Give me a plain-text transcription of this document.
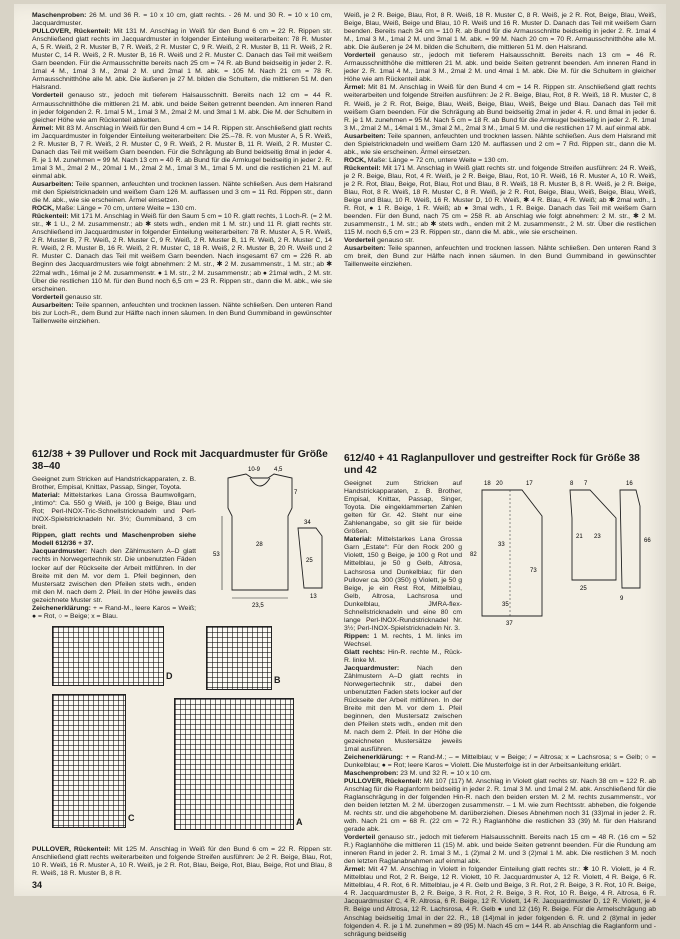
Maschenproben: 26 M. und 36 R. = 10 x 10 cm, glatt rechts. - 26 M. und 30 R. = 10 x 10 cm, Jacquardmuster.

PULLOVER, Rückenteil: Mit 131 M. Anschlag in Weiß für den Bund 6 cm = 22 R. Rippen str. Anschließend glatt rechts im Jacquardmuster in folgender Einteilung weiterarbeiten: 78 R. Muster A, 5 R. Weiß, 2 R. Muster B, 7 R. Weiß, 2 R. Muster C, 9 R. Weiß, 2 R. Muster B, 11 R. Weiß, 2 R. Muster C, 14 R. Weiß, 2 R. Muster B, 16 R. Weiß und 2 R. Muster C. Danach das Teil mit weißem Garn beenden. Für die Armausschnitte bereits nach 25 cm = 74 R. ab Bund beidseitig in jeder 2. R. 1mal 4 M., 1mal 3 M., 2mal 2 M. und 2mal 1 M. abk. = 105 M. Nach 21 cm = 78 R. Armausschnitthöhe alle M. abk. Die äußeren je 27 M. bilden die Schultern, die mittleren 51 M. den Halsrand.

Vorderteil genauso str., jedoch mit tieferem Halsausschnitt. Bereits nach 12 cm = 44 R. Armausschnitthöhe die mittleren 21 M. abk. und beide Seiten getrennt beenden. Am inneren Rand in jeder folgenden 2. R. 1mal 5 M., 1mal 3 M., 2mal 2 M. und 3mal 1 M. abk. Die M. der Schultern in gleicher Höhe wie am Rückenteil abketten.

Ärmel: Mit 83 M. Anschlag in Weiß für den Bund 4 cm = 14 R. Rippen str. Anschließend glatt rechts im Jacquardmuster in folgender Einteilung weiterarbeiten: Die 25.–78. R. von Muster A, 5 R. Weiß, 2 R. Muster B, 7 R. Weiß, 2 R. Muster C, 9 R. Weiß, 2 R. Muster B, 11 R. Weiß, 2 R. Muster C. Danach das Teil mit weißem Garn beenden. Für die Schrägung ab Bund beidseitig 8mal in jeder 4. R. je 1 M. zunehmen = 99 M. Nach 13 cm = 40 R. ab Bund für die Armkugel beidseitig in jeder 2. R. 1mal 3 M., 2mal 2 M., 20mal 1 M., 2mal 2 M., 1mal 3 M., 1mal 5 M. und die restlichen 21 M. auf einmal abk.

Ausarbeiten: Teile spannen, anfeuchten und trocknen lassen. Nähte schließen. Aus dem Halsrand mit den Spielstricknadeln und weißem Garn 126 M. auffassen und 3 cm = 11 Rd. Rippen str., dann die M. abk., wie sie erscheinen. Ärmel einsetzen.

ROCK, Maße: Länge = 70 cm, untere Weite = 130 cm.

Rückenteil: Mit 171 M. Anschlag in Weiß für den Saum 5 cm = 10 R. glatt rechts, 1 Loch-R. (= 2 M. str., ✱ 1 U., 2 M. zusammenstr.; ab ✱ stets wdh., enden mit 1 M. str.) und 11 R. glatt rechts str. Anschließend im Jacquardmuster in folgender Einteilung weiterarbeiten: 78 R. Muster A, 5 R. Weiß, 2 R. Muster B, 7 R. Weiß, 2 R. Muster C, 9 R. Weiß, 2 R. Muster B, 11 R. Weiß, 2 R. Muster C, 14 R. Weiß, 2 R. Muster B, 16 R. Weiß, 2 R. Muster C, 18 R. Weiß, 2 R. Muster B, 20 R. Weiß und 2 R. Muster C. Danach das Teil mit weißem Garn beenden. Nach insgesamt 67 cm = 226 R. ab Beginn des Jacquardmusters wie folgt abnehmen: 2 M. str., ✱ 2 M. zusammenstr., 1 M. str.; ab ✱ 22mal wdh., 16mal je 2 M. zusammenstr. ● 1 M. str., 2 M. zusammenstr.; ab ● 21mal wdh., 2 M. str. Über die restlichen 110 M. für den Bund noch 6,5 cm = 23 R. Rippen str., dann die M. abk., wie sie erscheinen.

Vorderteil genauso str.

Ausarbeiten: Teile spannen, anfeuchten und trocknen lassen. Nähte schließen. Den unteren Rand bis zur Loch-R., dem Bund zur Hälfte nach innen säumen. In den Bund Gummiband in gewünschter Taillenweite einziehen.

612/38 + 39 Pullover und Rock mit Jacquardmuster für Größe 38–40

Geeignet zum Stricken auf Handstrickapparaten, z. B. Brother, Empisal, Knittax, Passap, Singer, Toyota.

Material: Mittelstarkes Lana Grossa Baumwollgarn, „Intimo“: Ca. 550 g Weiß, je 100 g Beige, Blau und Rot; Perl-INOX-Tric-Schnellstricknadeln und Perl-INOX-Spielstricknadeln Nr. 3½; Gummiband, 3 cm breit.

Rippen, glatt rechts und Maschenproben siehe Modell 612/36 + 37.

Jacquardmuster: Nach den Zählmustern A–D glatt rechts in Norwegertechnik str. Die unbenutzten Fäden locker auf der Rückseite der Arbeit mitführen. In der Breite mit den M. vor dem 1. Pfeil beginnen, den Mustersatz zwischen den Pfeilen stets wdh., enden mit den M. nach dem 2. Pfeil. In der Höhe jeweils das gezeichnete Muster str.

Zeichenerklärung: + = Rand-M., leere Karos = Weiß; ● = Rot, ○ = Beige; x = Blau.

10-9 4,5
53
28
23,5
25
34
13
7
D	B
C	A

PULLOVER, Rückenteil: Mit 125 M. Anschlag in Weiß für den Bund 6 cm = 22 R. Rippen str. Anschließend glatt rechts weiterarbeiten und folgende Streifen ausführen: Je 2 R. Beige, Blau, Rot, 10 R. Weiß, 16 R. Muster A, 10 R. Weiß, je 2 R. Rot, Blau, Beige, Rot, Blau, Beige, Rot und Blau, 8 R. Weiß, 18 R. Muster B, 8 R.

34

Weiß, je 2 R. Beige, Blau, Rot, 8 R. Weiß, 18 R. Muster C, 8 R. Weiß, je 2 R. Rot, Beige, Blau, Weiß, Beige, Blau, Weiß, Beige und Blau, 10 R. Weiß und 16 R. Muster D. Danach das Teil mit weißem Garn beenden. Bereits nach 34 cm = 110 R. ab Bund für die Armausschnitte beidseitig in jeder 2. R. 1mal 4 M., 1mal 3 M., 1mal 2 M. und 3mal 1 M. abk. = 99 M. Nach 20 cm = 70 R. Armausschnitthöhe alle M. abk. Die äußeren je 24 M. bilden die Schultern, die mittleren 51 M. den Halsrand.

Vorderteil genauso str., jedoch mit tieferem Halsausschnitt. Bereits nach 13 cm = 46 R. Armausschnitthöhe die mittleren 21 M. abk. und beide Seiten getrennt beenden. Am inneren Rand in jeder 2. R. 1mal 4 M., 1mal 3 M., 2mal 2 M. und 4mal 1 M. abk. Die M. für die Schultern in gleicher Höhe wie am Rückenteil abk.

Ärmel: Mit 81 M. Anschlag in Weiß für den Bund 4 cm = 14 R. Rippen str. Anschließend glatt rechts weiterarbeiten und folgende Streifen ausführen: Je 2 R. Beige, Blau, Rot, 8 R. Weiß, 18 R. Muster C, 8 R. Weiß, je 2 R. Rot, Beige, Blau, Weiß, Beige, Blau, Weiß, Beige und Blau. Danach das Teil mit weißem Garn beenden. Für die Schrägung ab Bund beidseitig 2mal in jeder 4. R. und 8mal in jeder 6. R. je 1 M. zunehmen = 95 M. Nach 5 cm = 18 R. ab Bund für die Armkugel beidseitig in jeder 2. R. 1mal 3 M., 2mal 2 M., 14mal 1 M., 3mal 2 M., 2mal 3 M., 1mal 5 M. und die restlichen 17 M. auf einmal abk.

Ausarbeiten: Teile spannen, anfeuchten und trocknen lassen. Nähte schließen. Aus dem Halsrand mit den Spielstricknadeln und weißem Garn 120 M. auffassen und 2 cm = 7 Rd. Rippen str., dann die M. abk., wie sie erscheinen. Ärmel einsetzen.

ROCK, Maße: Länge = 72 cm, untere Weite = 130 cm.

Rückenteil: Mit 171 M. Anschlag in Weiß glatt rechts str. und folgende Streifen ausführen: 24 R. Weiß, je 2 R. Beige, Blau, Rot, 4 R. Weiß, je 2 R. Beige, Blau, Rot, 10 R. Weiß, 16 R. Muster A, 10 R. Weiß, je 2 R. Rot, Blau, Beige, Rot, Blau, Rot und Blau, 8 R. Weiß, 18 R. Muster B, 8 R. Weiß, je 2 R. Beige, Blau, Rot, 8 R. Weiß, 18 R. Muster C, 8 R. Weiß, je 2 R. Rot, Beige, Blau, Weiß, Beige, Blau, Weiß, Beige und Blau, 10 R. Weiß, 16 R. Muster D, 10 R. Weiß, ✱ 4 R. Blau, 4 R. Weiß; ab ✱ 2mal wdh., 1 R. Rot, ● 1 R. Beige, 1 R. Weiß; ab ● 3mal wdh., 1 R. Beige. Danach das Teil mit weißem Garn beenden. Für den Bund, nach 75 cm = 258 R. ab Anschlag wie folgt abnehmen: 2 M. str., ✱ 2 M. zusammenstr., 1 M. str.; ab ✱ stets wdh., enden mit 2 M. zusammenstr., 2 M. str. Über die restlichen 115 M. noch 6,5 cm = 23 R. Rippen str., dann die M. abk., wie sie erscheinen.

Vorderteil genauso str.

Ausarbeiten: Teile spannen, anfeuchten und trocknen lassen. Nähte schließen. Den unteren Rand 3 cm breit, den Bund zur Hälfte nach innen säumen. In den Bund Gummiband in gewünschter Taillenweite einziehen.

612/40 + 41 Raglanpullover und gestreifter Rock für Größe 38 und 42

Geeignet zum Stricken auf Handstrickapparaten, z. B. Brother, Empisal, Knittax, Passap, Singer, Toyota. Die eingeklammerten Zahlen gelten für Gr. 42. Steht nur eine Zahlenangabe, so gilt sie für beide Größen.

Material: Mittelstarkes Lana Grossa Garn „Estate“: Für den Rock 200 g Violett, 150 g Beige, je 100 g Rot und Mittelblau, je 50 g Gelb, Altrosa, Lachsrosa und Dunkelblau; für den Pullover ca. 300 (350) g Violett, je 50 g Beige, je ein Rest Rot, Mittelblau, Gelb, Altrosa, Lachsrosa und Dunkelblau, JMRA-flex-Schnellstricknadeln und eine 80 cm lange Perl-INOX-Rundstricknadel Nr. 3½; Perl-INOX-Spielstricknadeln Nr. 3.

Rippen: 1 M. rechts, 1 M. links im Wechsel.

Glatt rechts: Hin-R. rechte M., Rück-R. linke M.

Jacquardmuster: Nach den Zählmustern A–D glatt rechts in Norwegertechnik str., dabei den unbenutzten Faden stets locker auf der Rückseite der Arbeit mitführen. In der Breite mit den M. vor dem 1. Pfeil beginnen, den Mustersatz zwischen den Pfeilen stets wdh., enden mit den M. nach dem 2. Pfeil. In der Höhe die gezeichneten Mustersätze jeweils 1mal ausführen.

Zeichenerklärung: + = Rand-M.; – = Mittelblau; v = Beige; / = Altrosa; x = Lachsrosa; s = Gelb; ○ = Dunkelblau; ● = Rot; leere Karos = Violett. Die Musterfolge ist in der Arbeitsanleitung erklärt.

Maschenproben: 23 M. und 32 R. = 10 x 10 cm.

PULLOVER, Rückenteil: Mit 107 (117) M. Anschlag in Violett glatt rechts str. Nach 38 cm = 122 R. ab Anschlag für die Raglanform beidseitig in jeder 2. R. 1mal 3 M. und 1mal 2 M. abk. Anschließend für die Raglanschrägung in der folgenden Hin-R. nach den beiden ersten M. 2 M. rechts zusammenstr., vor den beiden letzten M. 2 M. überzogen zusammenstr. – 1 M. wie zum Rechtsstr. abheben, die folgende M. rechts str. und die abgehobene M. darüberziehen. Dieses Abnehmen noch 31 (33)mal in jeder 2. R. wdh. Nach 21 cm = 68 R. (22 cm = 72 R.) Raglanhöhe die restlichen 33 (39) M. für den Halsrand gerade abk.

Vorderteil genauso str., jedoch mit tieferem Halsausschnitt. Bereits nach 15 cm = 48 R. (16 cm = 52 R.) Raglanhöhe die mittleren 11 (15) M. abk. und beide Seiten getrennt beenden. Für die Rundung am inneren Rand in jeder 2. R. 1mal 3 M., 1 (2)mal 2 M. und 3 (2)mal 1 M. abk. Die restlichen 3 M. noch den letzten Raglanabnahmen auf einmal abk.

Ärmel: Mit 47 M. Anschlag in Violett in folgender Einteilung glatt rechts str.: ✱ 10 R. Violett, je 4 R. Mittelblau und Rot, 2 R. Beige, 12 R. Violett, 10 R. Jacquardmuster A, 12 R. Violett, 4 R. Beige, 6 R. Mittelblau, 4 R. Rot, 6 R. Mittelblau, je 4 R. Gelb und Beige, 3 R. Rot, 2 R. Beige, 3 R. Rot, 10 R. Beige, 4 R. Jacquardmuster B, 2 R. Beige, 3 R. Rot, 2 R. Beige, 3 R. Rot, 10 R. Beige, 4 R. Altrosa, 6 R. Jacquardmuster C, 4 R. Altrosa, 6 R. Beige, 12 R. Violett, 14 R. Jacquardmuster D, 12 R. Violett, je 4 R. Beige und Altrosa, 12 R. Lachsrosa, 4 R. Gelb ● und 12 (16) R. Beige. Für die Armelschrägung ab Anschlag beidseitig 1mal in der 22. R., 18 (14)mal in jeder folgenden 6. R. und 2 (8)mal in jeder folgenden 4. R. je 1 M. zunehmen = 89 (95) M. Nach 45 cm = 144 R. ab Anschlag die Raglanform und -schrägung beidseitig

18 20	17
82
33
73
35
37
8 7	16
21 23
25
9
66
